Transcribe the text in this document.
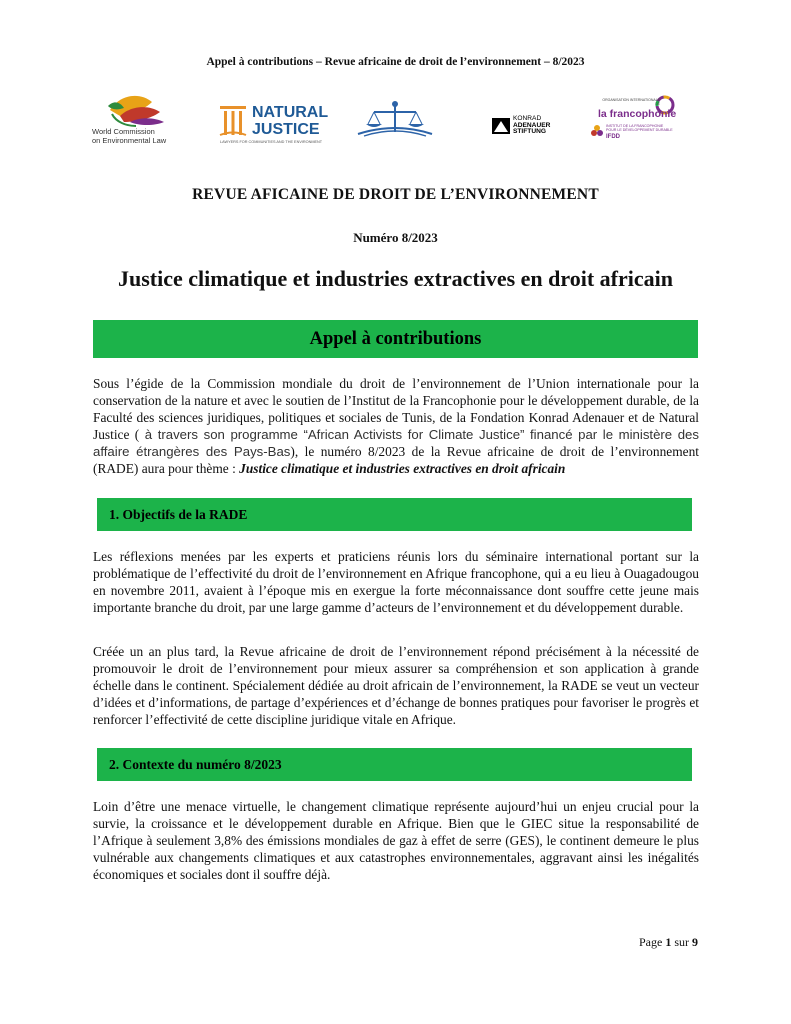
Appel à contributions – Revue africaine de droit de l’environnement – 8/2023
World Commission
on Environmental Law
NATURAL
JUSTICE
LAWYERS FOR COMMUNITIES AND THE ENVIRONMENT
KONRAD
ADENAUER
STIFTUNG
ORGANISATION INTERNATIONALE DE
la francophonie
INSTITUT DE LA FRANCOPHONIE
POUR LE DÉVELOPPEMENT DURABLE
IFDD
REVUE AFICAINE DE DROIT DE L’ENVIRONNEMENT
Numéro 8/2023
Justice climatique et industries extractives en droit africain
Appel à contributions

Sous l’égide de la Commission mondiale du droit de l’environnement de l’Union internationale pour la conservation de la nature et avec le soutien de l’Institut de la Francophonie pour le développement durable, de la Faculté des sciences juridiques, politiques et sociales de Tunis, de la Fondation Konrad Adenauer et de Natural Justice ( à travers son programme “African Activists for Climate Justice” financé par le ministère des affaire étrangères des Pays-Bas), le numéro 8/2023 de la Revue africaine de droit de l’environnement (RADE) aura pour thème : Justice climatique et industries extractives en droit africain

1. Objectifs de la RADE

Les réflexions menées par les experts et praticiens réunis lors du séminaire international portant sur la problématique de l’effectivité du droit de l’environnement en Afrique francophone, qui a eu lieu à Ouagadougou en novembre 2011, avaient à l’époque mis en exergue la forte méconnaissance dont souffre cette jeune mais importante branche du droit, par une large gamme d’acteurs de l’environnement et du développement durable.

Créée un an plus tard, la Revue africaine de droit de l’environnement répond précisément à la nécessité de promouvoir le droit de l’environnement pour mieux assurer sa compréhension et son application à grande échelle dans le continent. Spécialement dédiée au droit africain de l’environnement, la RADE se veut un vecteur d’idées et d’informations, de partage d’expériences et d’échange de bonnes pratiques pour favoriser le progrès et renforcer l’effectivité de cette discipline juridique vitale en Afrique.

2. Contexte du numéro 8/2023

Loin d’être une menace virtuelle, le changement climatique représente aujourd’hui un enjeu crucial pour la survie, la croissance et le développement durable en Afrique. Bien que le GIEC situe la responsabilité de l’Afrique à seulement 3,8% des émissions mondiales de gaz à effet de serre (GES), le continent demeure le plus vulnérable aux changements climatiques et aux catastrophes environnementales, aggravant ainsi les inégalités économiques et sociales dont il souffre déjà.

Page 1 sur 9
